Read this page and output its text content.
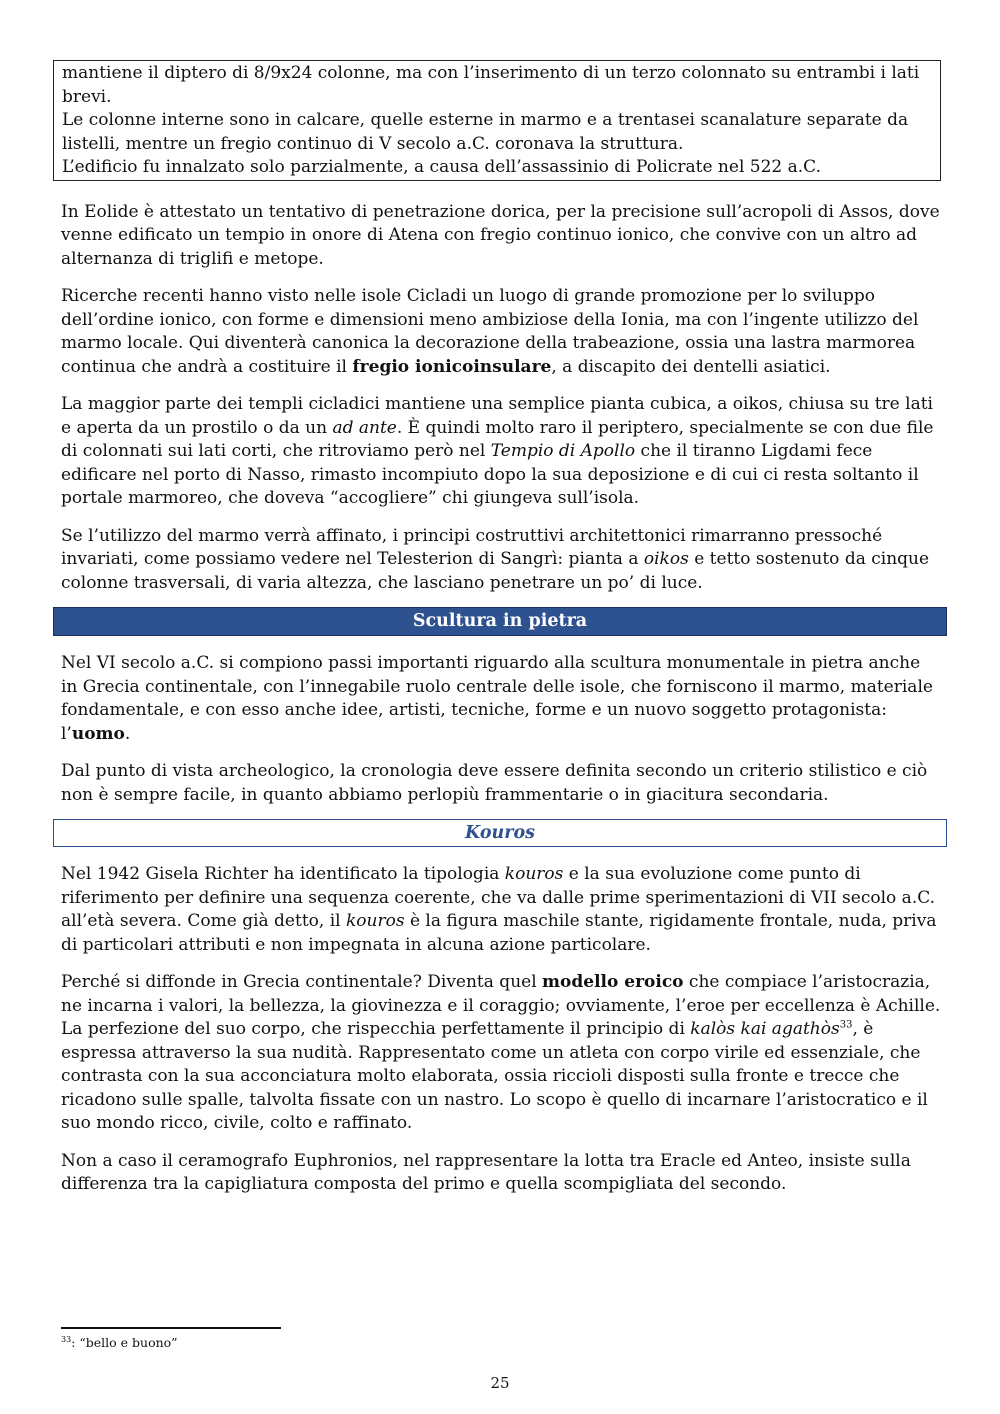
mantiene il diptero di 8/9x24 colonne, ma con l’inserimento di un terzo colonnato su entrambi i lati brevi.

Le colonne interne sono in calcare, quelle esterne in marmo e a trentasei scanalature separate da listelli, mentre un fregio continuo di V secolo a.C. coronava la struttura.

L’edificio fu innalzato solo parzialmente, a causa dell’assassinio di Policrate nel 522 a.C.

In Eolide è attestato un tentativo di penetrazione dorica, per la precisione sull’acropoli di Assos, dove venne edificato un tempio in onore di Atena con fregio continuo ionico, che convive con un altro ad alternanza di triglifi e metope.

Ricerche recenti hanno visto nelle isole Cicladi un luogo di grande promozione per lo sviluppo dell’ordine ionico, con forme e dimensioni meno ambiziose della Ionia, ma con l’ingente utilizzo del marmo locale. Qui diventerà canonica la decorazione della trabeazione, ossia una lastra marmorea continua che andrà a costituire il fregio ionicoinsulare, a discapito dei dentelli asiatici.

La maggior parte dei templi cicladici mantiene una semplice pianta cubica, a oikos, chiusa su tre lati e aperta da un prostilo o da un ad ante. È quindi molto raro il periptero, specialmente se con due file di colonnati sui lati corti, che ritroviamo però nel Tempio di Apollo che il tiranno Ligdami fece edificare nel porto di Nasso, rimasto incompiuto dopo la sua deposizione e di cui ci resta soltanto il portale marmoreo, che doveva “accogliere” chi giungeva sull’isola.

Se l’utilizzo del marmo verrà affinato, i principi costruttivi architettonici rimarranno pressoché invariati, come possiamo vedere nel Telesterion di Sangrì: pianta a oikos e tetto sostenuto da cinque colonne trasversali, di varia altezza, che lasciano penetrare un po’ di luce.

Scultura in pietra

Nel VI secolo a.C. si compiono passi importanti riguardo alla scultura monumentale in pietra anche in Grecia continentale, con l’innegabile ruolo centrale delle isole, che forniscono il marmo, materiale fondamentale, e con esso anche idee, artisti, tecniche, forme e un nuovo soggetto protagonista: l’uomo.

Dal punto di vista archeologico, la cronologia deve essere definita secondo un criterio stilistico e ciò non è sempre facile, in quanto abbiamo perlopiù frammentarie o in giacitura secondaria.

Kouros

Nel 1942 Gisela Richter ha identificato la tipologia kouros e la sua evoluzione come punto di riferimento per definire una sequenza coerente, che va dalle prime sperimentazioni di VII secolo a.C. all’età severa. Come già detto, il kouros è la figura maschile stante, rigidamente frontale, nuda, priva di particolari attributi e non impegnata in alcuna azione particolare.

Perché si diffonde in Grecia continentale? Diventa quel modello eroico che compiace l’aristocrazia, ne incarna i valori, la bellezza, la giovinezza e il coraggio; ovviamente, l’eroe per eccellenza è Achille. La perfezione del suo corpo, che rispecchia perfettamente il principio di kalòs kai agathòs$^{33}$, è espressa attraverso la sua nudità. Rappresentato come un atleta con corpo virile ed essenziale, che contrasta con la sua acconciatura molto elaborata, ossia riccioli disposti sulla fronte e trecce che ricadono sulle spalle, talvolta fissate con un nastro. Lo scopo è quello di incarnare l’aristocratico e il suo mondo ricco, civile, colto e raffinato.

Non a caso il ceramografo Euphronios, nel rappresentare la lotta tra Eracle ed Anteo, insiste sulla differenza tra la capigliatura composta del primo e quella scompigliata del secondo.

$^{33}$: “bello e buono”
25
